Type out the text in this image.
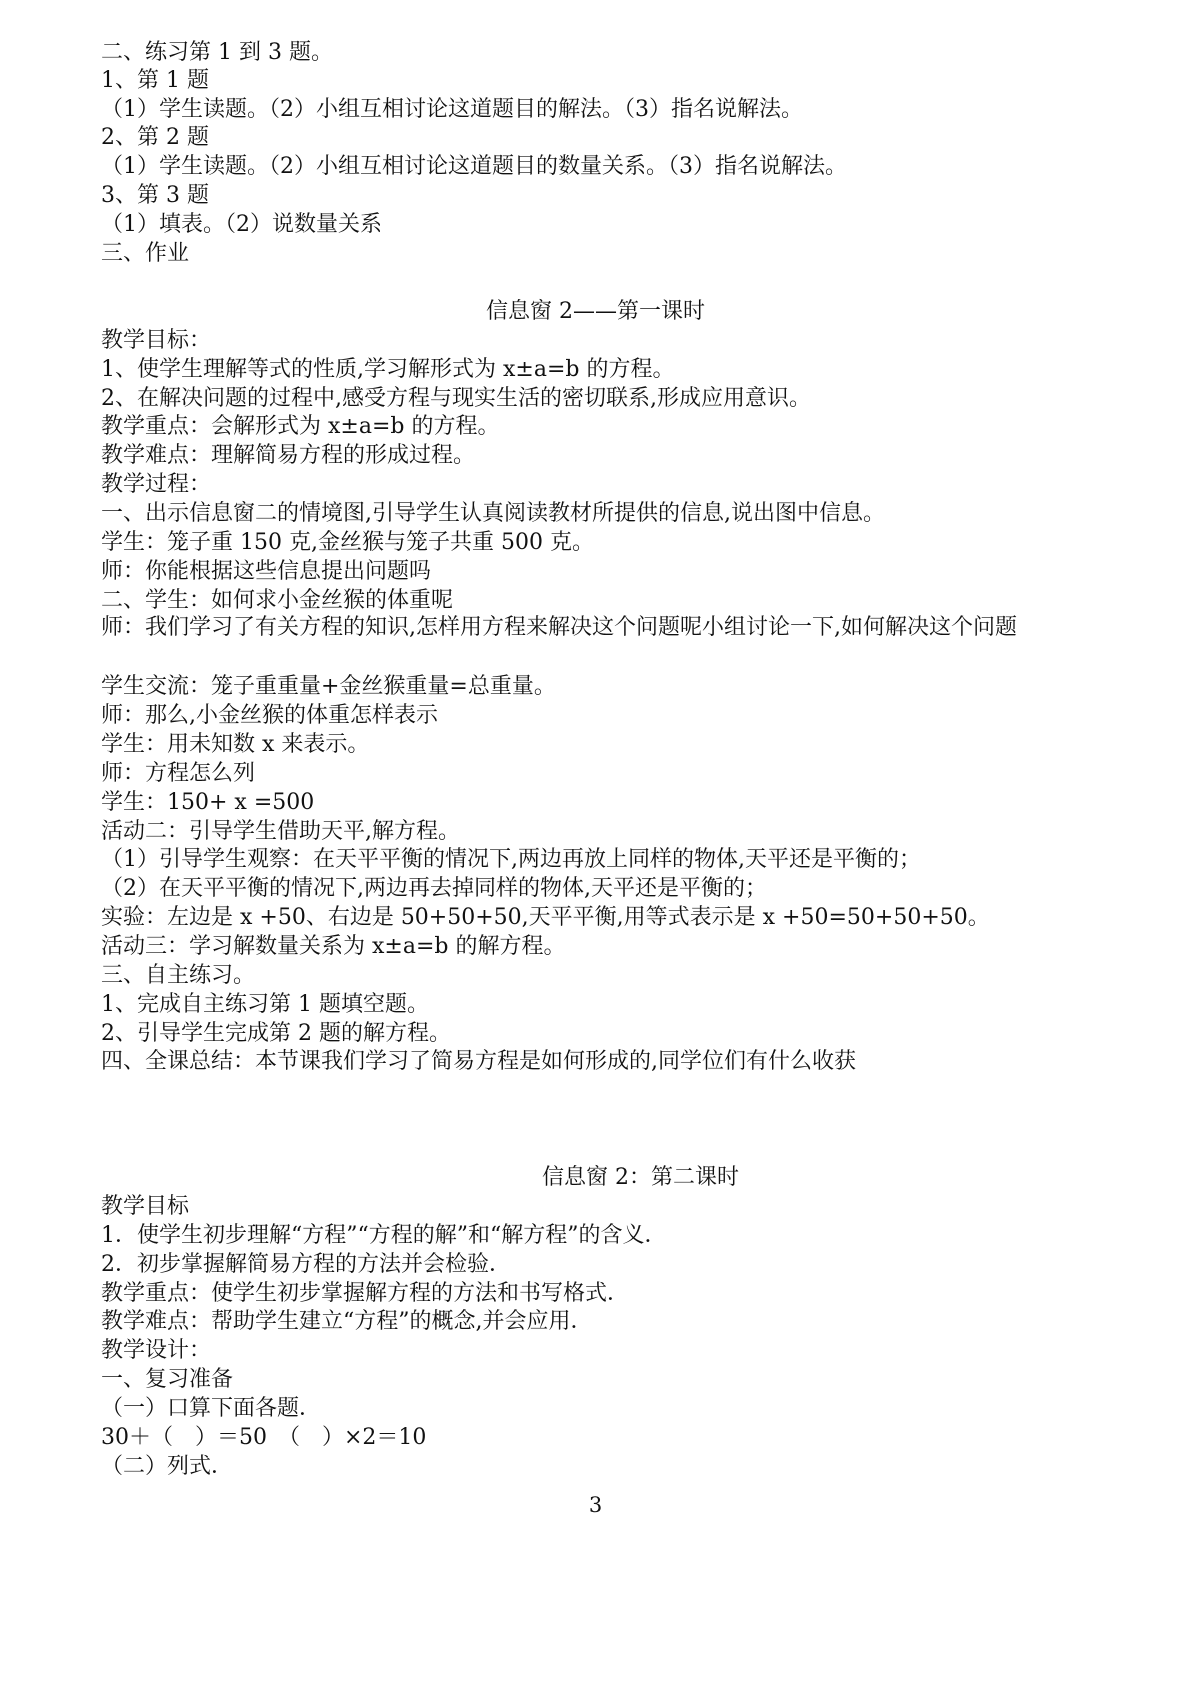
二、练习第 1 到 3 题。
1、第 1 题
（1）学生读题。（2）小组互相讨论这道题目的解法。（3）指名说解法。
2、第 2 题
（1）学生读题。（2）小组互相讨论这道题目的数量关系。（3）指名说解法。
3、第 3 题
（1）填表。（2）说数量关系
三、作业
信息窗 2——第一课时
教学目标：
1、使学生理解等式的性质,学习解形式为 x±a=b 的方程。
2、在解决问题的过程中,感受方程与现实生活的密切联系,形成应用意识。
教学重点：会解形式为 x±a=b 的方程。
教学难点：理解简易方程的形成过程。
教学过程：
一、出示信息窗二的情境图,引导学生认真阅读教材所提供的信息,说出图中信息。
学生：笼子重 150 克,金丝猴与笼子共重 500 克。
师：你能根据这些信息提出问题吗
二、学生：如何求小金丝猴的体重呢
师：我们学习了有关方程的知识,怎样用方程来解决这个问题呢小组讨论一下,如何解决这个问题
学生交流：笼子重重量+金丝猴重量=总重量。
师：那么,小金丝猴的体重怎样表示
学生：用未知数 x 来表示。
师：方程怎么列
学生：150+ x =500
活动二：引导学生借助天平,解方程。
（1）引导学生观察：在天平平衡的情况下,两边再放上同样的物体,天平还是平衡的；
（2）在天平平衡的情况下,两边再去掉同样的物体,天平还是平衡的；
实验：左边是 x +50、右边是 50+50+50,天平平衡,用等式表示是 x +50=50+50+50。
活动三：学习解数量关系为 x±a=b 的解方程。
三、自主练习。
1、完成自主练习第 1 题填空题。
2、引导学生完成第 2 题的解方程。
四、全课总结：本节课我们学习了简易方程是如何形成的,同学位们有什么收获
信息窗 2：第二课时
教学目标
1．使学生初步理解“方程”“方程的解”和“解方程”的含义．
2．初步掌握解简易方程的方法并会检验．
教学重点：使学生初步掌握解方程的方法和书写格式．
教学难点：帮助学生建立“方程”的概念,并会应用．
教学设计：
一、复习准备
（一）口算下面各题．
30＋（　）＝50　（　）×2＝10
（二）列式．
3
